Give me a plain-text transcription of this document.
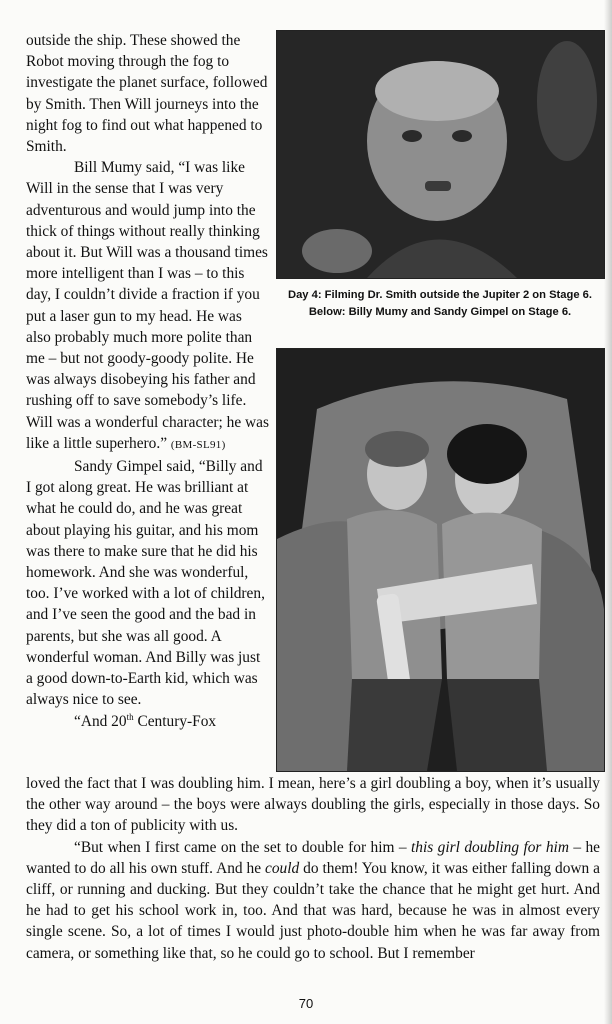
outside the ship. These showed the Robot moving through the fog to investigate the planet surface, followed by Smith. Then Will journeys into the night fog to find out what happened to Smith.

Bill Mumy said, “I was like Will in the sense that I was very adventurous and would jump into the thick of things without really thinking about it. But Will was a thousand times more intelligent than I was – to this day, I couldn’t divide a fraction if you put a laser gun to my head. He was also probably much more polite than me – but not goody-goody polite. He was always disobeying his father and rushing off to save somebody’s life. Will was a wonderful character; he was like a little superhero.” (BM-SL91)

Sandy Gimpel said, “Billy and I got along great. He was brilliant at what he could do, and he was great about playing his guitar, and his mom was there to make sure that he did his homework. And she was wonderful, too. I’ve worked with a lot of children, and I’ve seen the good and the bad in parents, but she was all good. A wonderful woman. And Billy was just a good down-to-Earth kid, which was always nice to see.

“And 20th Century-Fox

Day 4: Filming Dr. Smith outside the Jupiter 2 on Stage 6. Below: Billy Mumy and Sandy Gimpel on Stage 6.

loved the fact that I was doubling him. I mean, here’s a girl doubling a boy, when it’s usually the other way around – the boys were always doubling the girls, especially in those days. So they did a ton of publicity with us.

“But when I first came on the set to double for him – this girl doubling for him – he wanted to do all his own stuff. And he could do them! You know, it was either falling down a cliff, or running and ducking. But they couldn’t take the chance that he might get hurt. And he had to get his school work in, too. And that was hard, because he was in almost every single scene. So, a lot of times I would just photo-double him when he was far away from camera, or something like that, so he could go to school. But I remember

70
